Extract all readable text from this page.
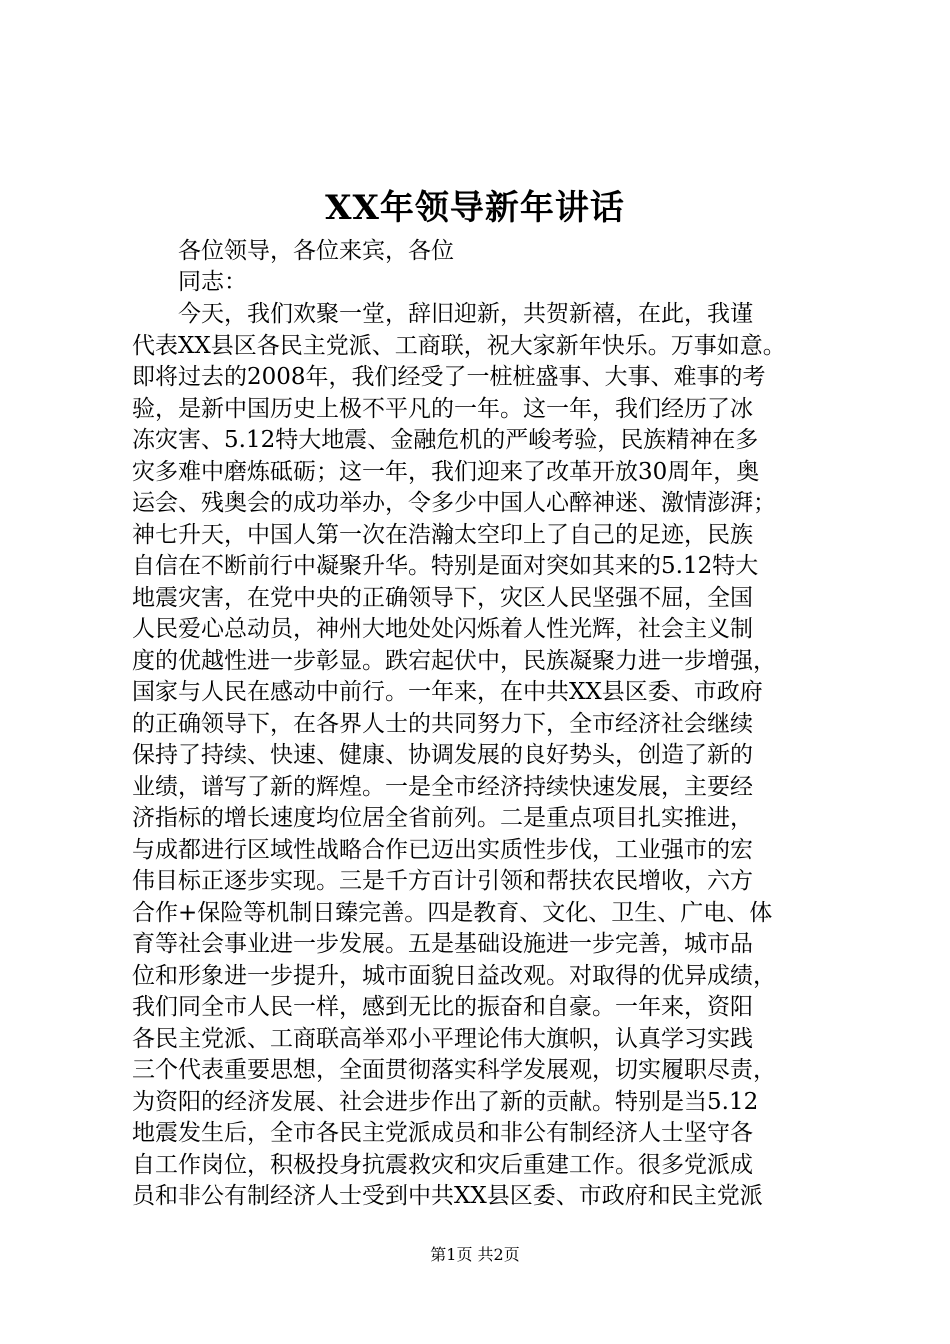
XX年领导新年讲话
各位领导，各位来宾，各位
同志：
今天，我们欢聚一堂，辞旧迎新，共贺新禧，在此，我谨
代表XX县区各民主党派、工商联，祝大家新年快乐。万事如意。
即将过去的2008年，我们经受了一桩桩盛事、大事、难事的考
验，是新中国历史上极不平凡的一年。这一年，我们经历了冰
冻灾害、5.12特大地震、金融危机的严峻考验，民族精神在多
灾多难中磨炼砥砺；这一年，我们迎来了改革开放30周年，奥
运会、残奥会的成功举办，令多少中国人心醉神迷、激情澎湃；
神七升天，中国人第一次在浩瀚太空印上了自己的足迹，民族
自信在不断前行中凝聚升华。特别是面对突如其来的5.12特大
地震灾害，在党中央的正确领导下，灾区人民坚强不屈，全国
人民爱心总动员，神州大地处处闪烁着人性光辉，社会主义制
度的优越性进一步彰显。跌宕起伏中，民族凝聚力进一步增强，
国家与人民在感动中前行。一年来，在中共XX县区委、市政府
的正确领导下，在各界人士的共同努力下，全市经济社会继续
保持了持续、快速、健康、协调发展的良好势头，创造了新的
业绩，谱写了新的辉煌。一是全市经济持续快速发展，主要经
济指标的增长速度均位居全省前列。二是重点项目扎实推进，
与成都进行区域性战略合作已迈出实质性步伐，工业强市的宏
伟目标正逐步实现。三是千方百计引领和帮扶农民增收，六方
合作+保险等机制日臻完善。四是教育、文化、卫生、广电、体
育等社会事业进一步发展。五是基础设施进一步完善，城市品
位和形象进一步提升，城市面貌日益改观。对取得的优异成绩，
我们同全市人民一样，感到无比的振奋和自豪。一年来，资阳
各民主党派、工商联高举邓小平理论伟大旗帜，认真学习实践
三个代表重要思想，全面贯彻落实科学发展观，切实履职尽责，
为资阳的经济发展、社会进步作出了新的贡献。特别是当5.12
地震发生后，全市各民主党派成员和非公有制经济人士坚守各
自工作岗位，积极投身抗震救灾和灾后重建工作。很多党派成
员和非公有制经济人士受到中共XX县区委、市政府和民主党派
第1页 共2页
